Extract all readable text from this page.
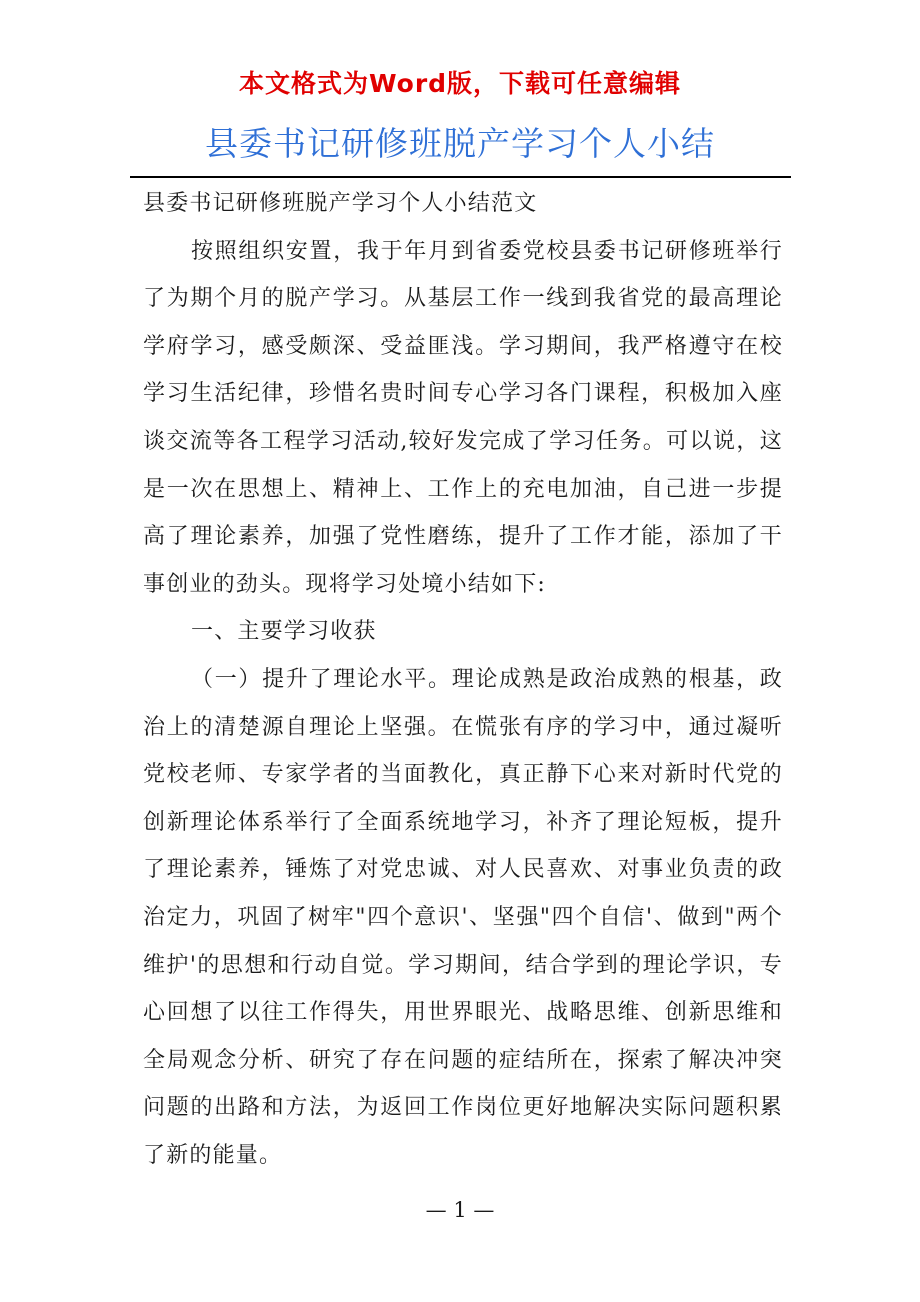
本文格式为Word版，下载可任意编辑
县委书记研修班脱产学习个人小结

县委书记研修班脱产学习个人小结范文

按照组织安置，我于年月到省委党校县委书记研修班举行了为期个月的脱产学习。从基层工作一线到我省党的最高理论学府学习，感受颇深、受益匪浅。学习期间，我严格遵守在校学习生活纪律，珍惜名贵时间专心学习各门课程，积极加入座谈交流等各工程学习活动,较好发完成了学习任务。可以说，这是一次在思想上、精神上、工作上的充电加油，自己进一步提高了理论素养，加强了党性磨练，提升了工作才能，添加了干事创业的劲头。现将学习处境小结如下:

一、主要学习收获

（一）提升了理论水平。理论成熟是政治成熟的根基，政治上的清楚源自理论上坚强。在慌张有序的学习中，通过凝听党校老师、专家学者的当面教化，真正静下心来对新时代党的创新理论体系举行了全面系统地学习，补齐了理论短板，提升了理论素养，锤炼了对党忠诚、对人民喜欢、对事业负责的政治定力，巩固了树牢"四个意识'、坚强"四个自信'、做到"两个维护'的思想和行动自觉。学习期间，结合学到的理论学识，专心回想了以往工作得失，用世界眼光、战略思维、创新思维和全局观念分析、研究了存在问题的症结所在，探索了解决冲突问题的出路和方法，为返回工作岗位更好地解决实际问题积累了新的能量。

— 1 —
